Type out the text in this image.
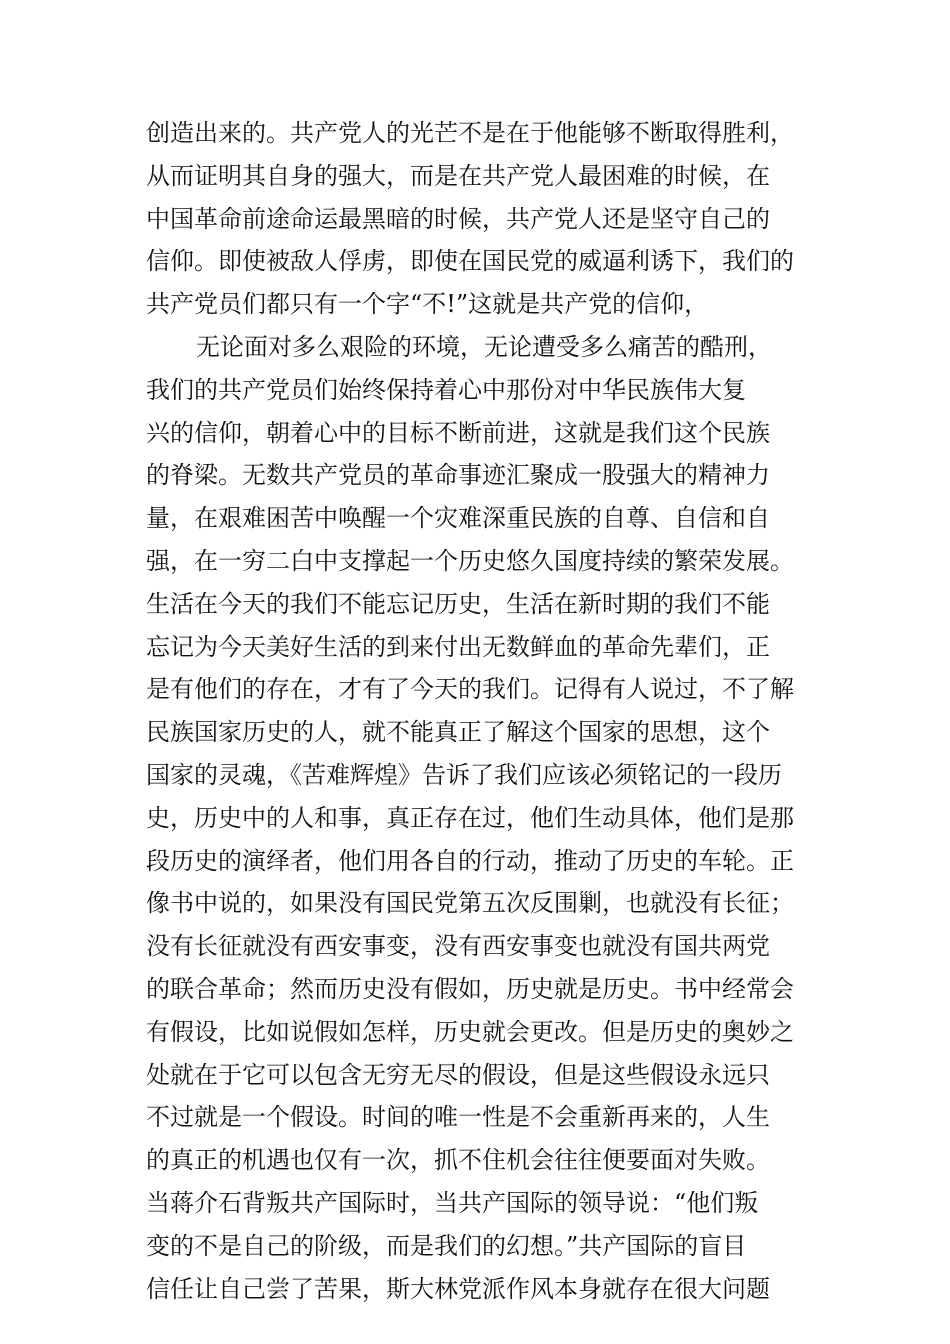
创造出来的。共产党人的光芒不是在于他能够不断取得胜利，
从而证明其自身的强大，而是在共产党人最困难的时候，在
中国革命前途命运最黑暗的时候，共产党人还是坚守自己的
信仰。即使被敌人俘虏，即使在国民党的威逼利诱下，我们的
共产党员们都只有一个字“不!”这就是共产党的信仰，
无论面对多么艰险的环境，无论遭受多么痛苦的酷刑，
我们的共产党员们始终保持着心中那份对中华民族伟大复
兴的信仰，朝着心中的目标不断前进，这就是我们这个民族
的脊梁。无数共产党员的革命事迹汇聚成一股强大的精神力
量，在艰难困苦中唤醒一个灾难深重民族的自尊、自信和自
强，在一穷二白中支撑起一个历史悠久国度持续的繁荣发展。
生活在今天的我们不能忘记历史，生活在新时期的我们不能
忘记为今天美好生活的到来付出无数鲜血的革命先辈们，正
是有他们的存在，才有了今天的我们。记得有人说过，不了解
民族国家历史的人，就不能真正了解这个国家的思想，这个
国家的灵魂，《苦难辉煌》告诉了我们应该必须铭记的一段历
史，历史中的人和事，真正存在过，他们生动具体，他们是那
段历史的演绎者，他们用各自的行动，推动了历史的车轮。正
像书中说的，如果没有国民党第五次反围剿，也就没有长征；
没有长征就没有西安事变，没有西安事变也就没有国共两党
的联合革命；然而历史没有假如，历史就是历史。书中经常会
有假设，比如说假如怎样，历史就会更改。但是历史的奥妙之
处就在于它可以包含无穷无尽的假设，但是这些假设永远只
不过就是一个假设。时间的唯一性是不会重新再来的，人生
的真正的机遇也仅有一次，抓不住机会往往便要面对失败。
当蒋介石背叛共产国际时，当共产国际的领导说：“他们叛
变的不是自己的阶级，而是我们的幻想。”共产国际的盲目
信任让自己尝了苦果，斯大林党派作风本身就存在很大问题
